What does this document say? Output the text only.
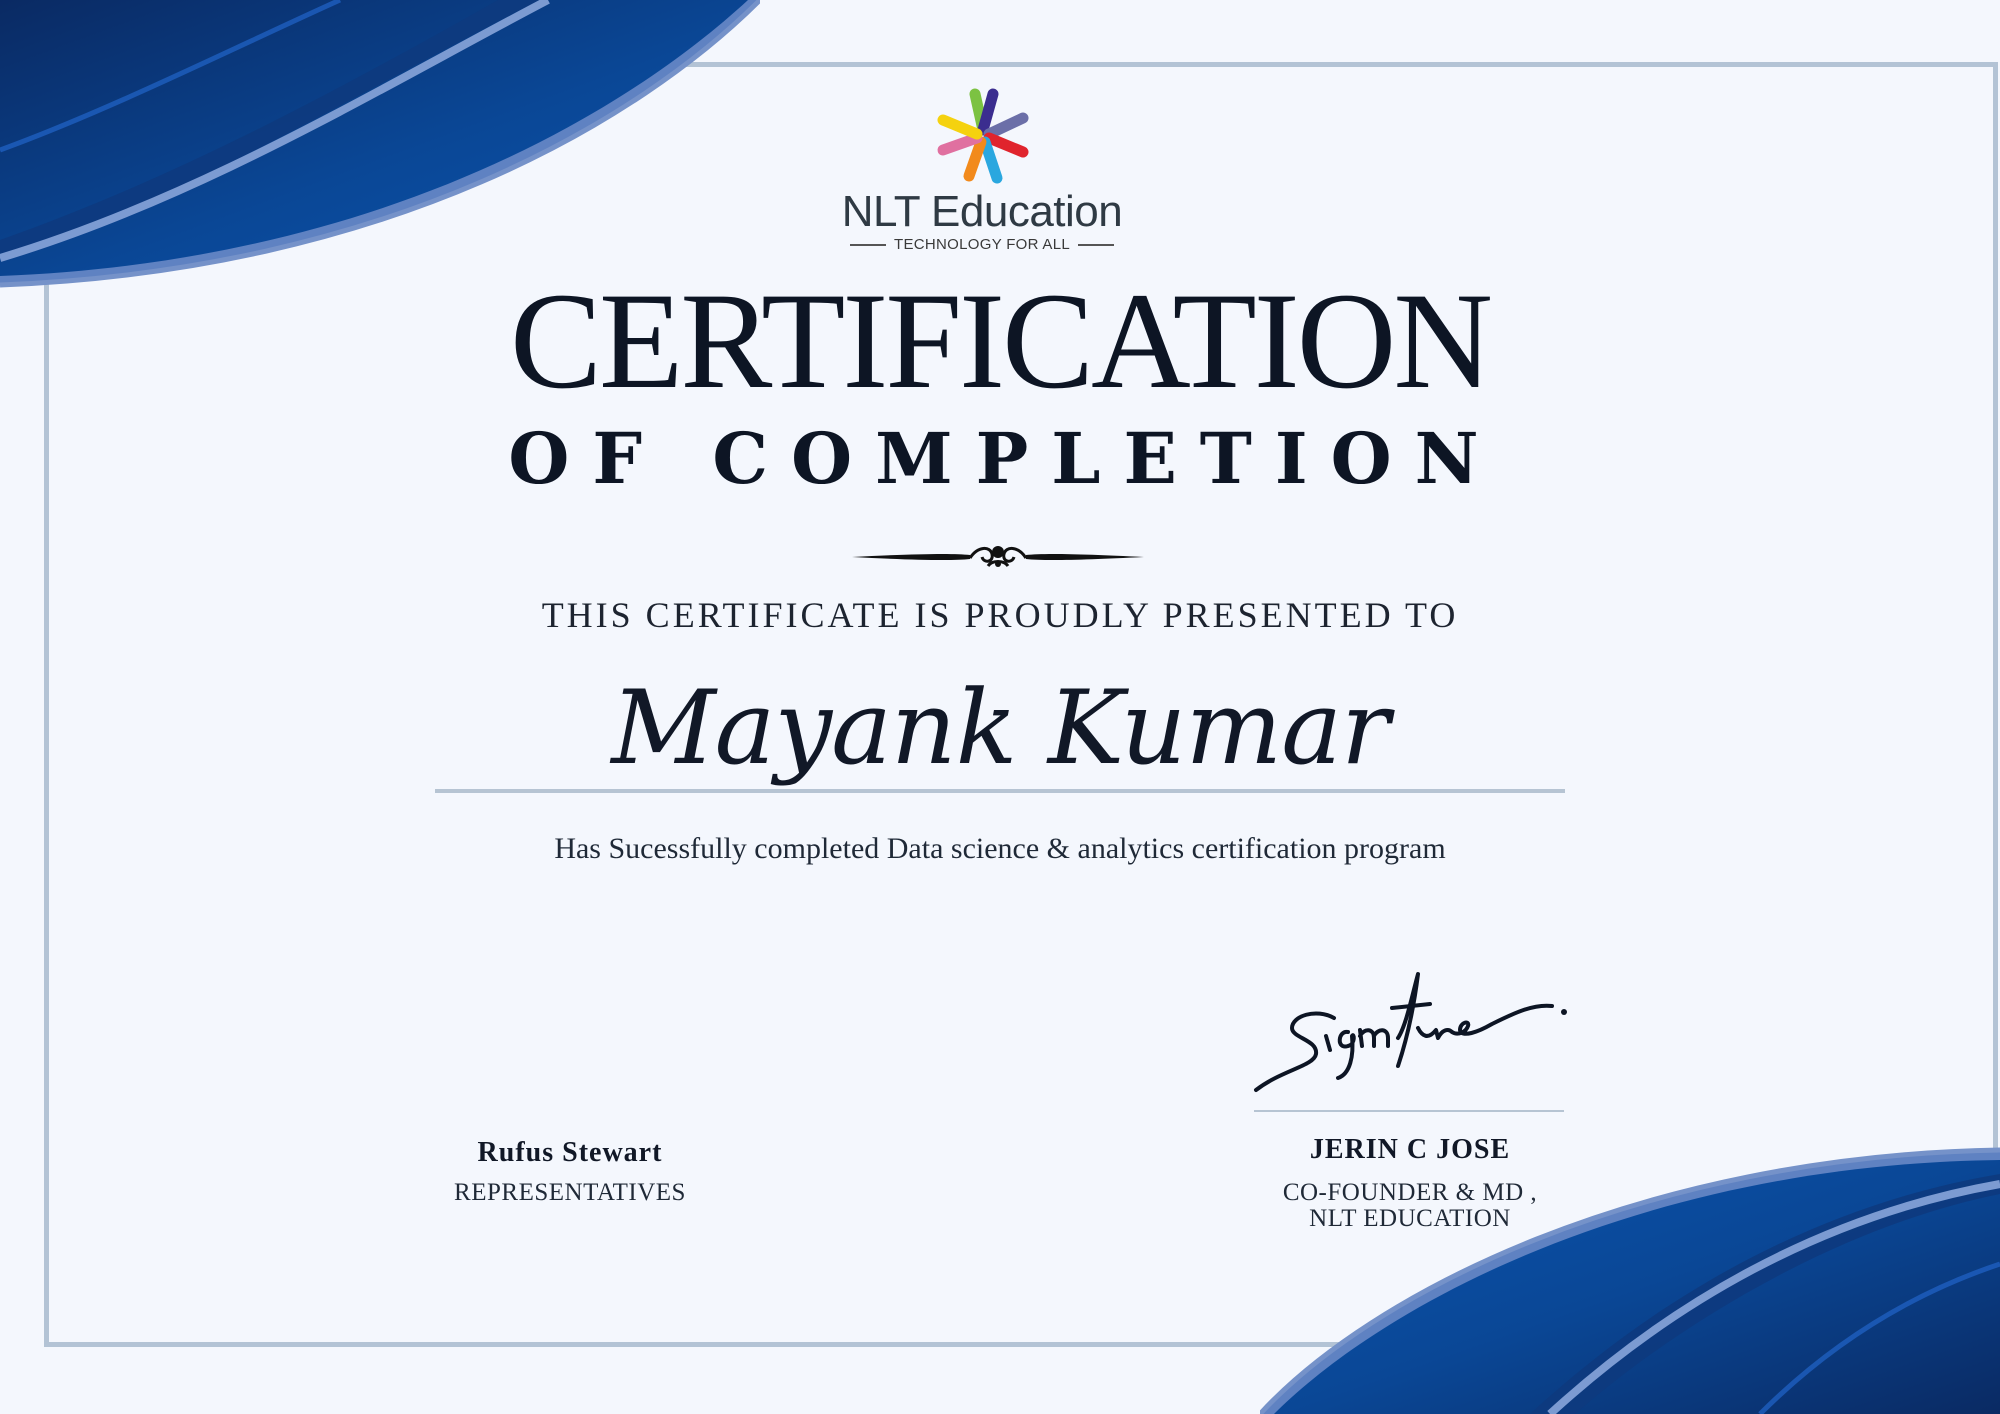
NLT Education
TECHNOLOGY FOR ALL
CERTIFICATION
OF COMPLETION
THIS CERTIFICATE IS PROUDLY PRESENTED TO
Mayank Kumar
Has Sucessfully completed Data science & analytics certification program
Rufus Stewart
REPRESENTATIVES
JERIN C JOSE
CO-FOUNDER & MD ,
NLT EDUCATION
